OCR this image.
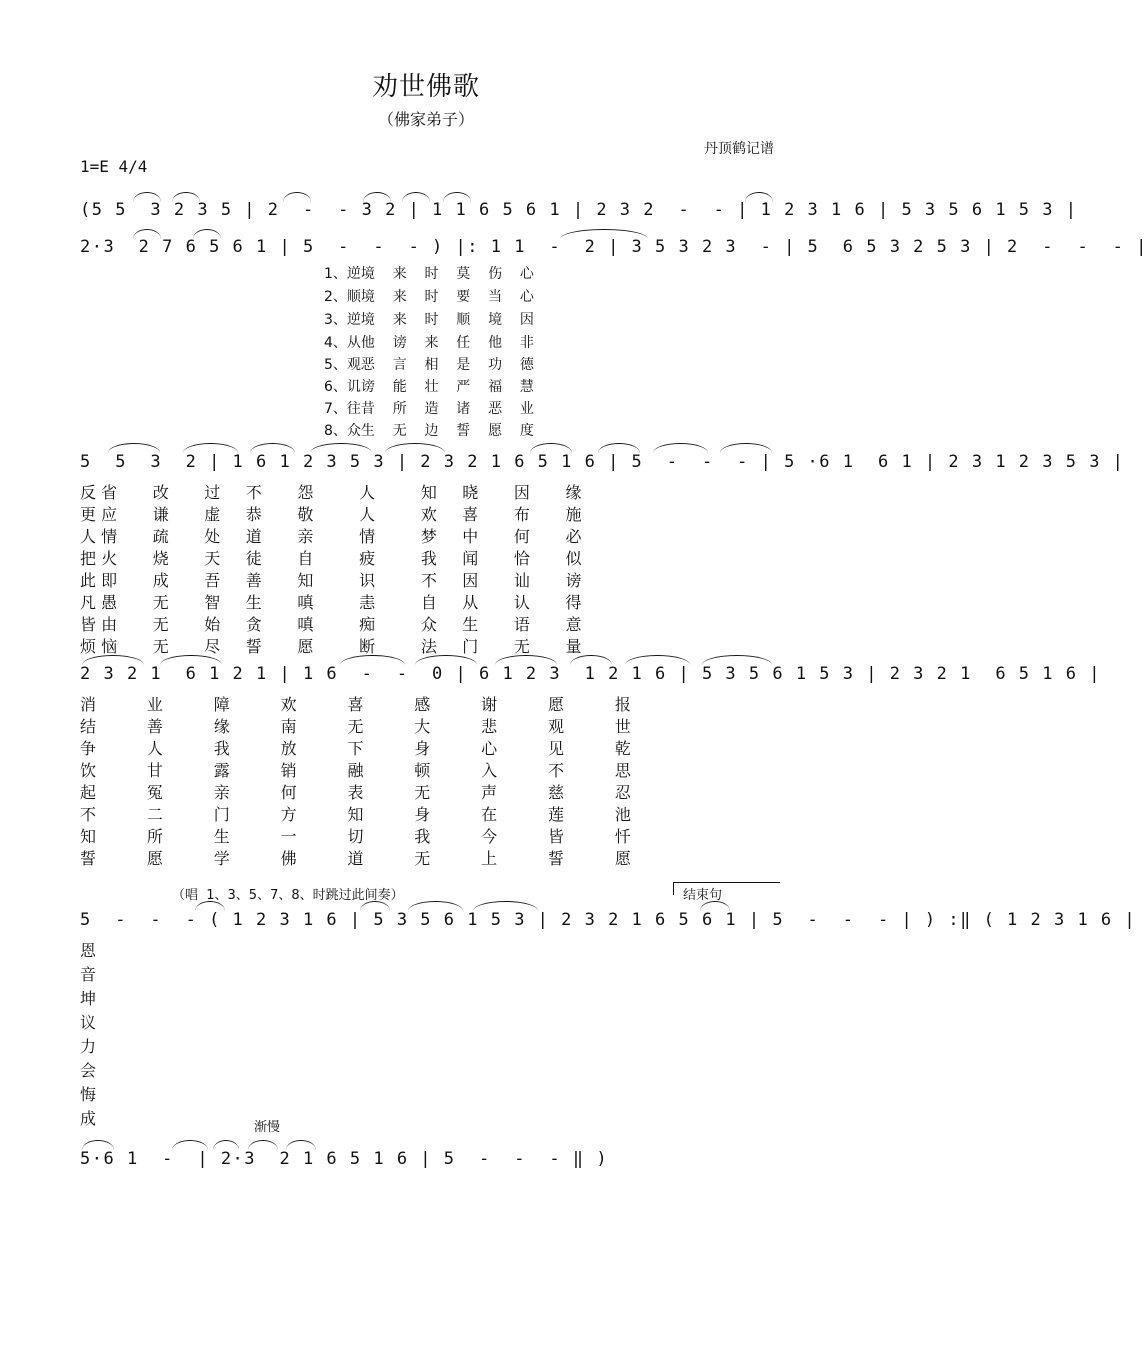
劝世佛歌
（佛家弟子）
丹顶鹤记谱
1=E 4/4
(5 5  3 2 3 5 | 2  -  - 3 2 | 1 1 6 5 6 1 | 2 3 2  -  - | 1 2 3 1 6 | 5 3 5 6 1 5 3 |
2·3  2 7 6 5 6 1 | 5  -  -  - ) |: 1 1  -  2 | 3 5 3 2 3  - | 5  6 5 3 2 5 3 | 2  -  -  - |
1、逆境    来    时    莫    伤    心
2、顺境    来    时    要    当    心
3、逆境    来    时    顺    境    因
4、从他    谤    来    任    他    非
5、观恶    言    相    是    功    德
6、讥谤    能    壮    严    福    慧
7、往昔    所    造    诸    恶    业
8、众生    无    边    誓    愿    度
5  5  3  2 | 1 6 1 2 3 5 3 | 2 3 2 1 6 5 1 6 | 5  -  -  - | 5 ·6 1  6 1 | 2 3 1 2 3 5 3 |
反 省       改       过     不       怨         人         知     晓       因       缘
更 应       谦       虚     恭       敬         人         欢     喜       布       施
人 情       疏       处     道       亲         情         梦     中       何       必
把 火       烧       天     徒       自         疲         我     闻       恰       似
此 即       成       吾     善       知         识         不     因       讪       谤
凡 愚       无       智     生       嗔         恚         自     从       认       得
皆 由       无       始     贪       嗔         痴         众     生       语       意
烦 恼       无       尽     誓       愿         断         法     门       无       量
2 3 2 1  6 1 2 1 | 1 6  -  -  0 | 6 1 2 3  1 2 1 6 | 5 3 5 6 1 5 3 | 2 3 2 1  6 5 1 6 |
消          业          障          欢          喜          感          谢          愿          报
结          善          缘          南          无          大          悲          观          世
争          人          我          放          下          身          心          见          乾
饮          甘          露          销          融          顿          入          不          思
起          冤          亲          何          表          无          声          慈          忍
不          二          门          方          知          身          在          莲          池
知          所          生          一          切          我          今          皆          忏
誓          愿          学          佛          道          无          上          誓          愿
（唱  1、3、5、7、8、时跳过此间奏）	结束句
5  -  -  - ( 1 2 3 1 6 | 5 3 5 6 1 5 3 | 2 3 2 1 6 5 6 1 | 5  -  -  - | ) :‖ ( 1 2 3 1 6 |
恩
音
坤
议
力
会
悔
成	渐慢
5·6 1  -  | 2·3  2 1 6 5 1 6 | 5  -  -  - ‖ )
